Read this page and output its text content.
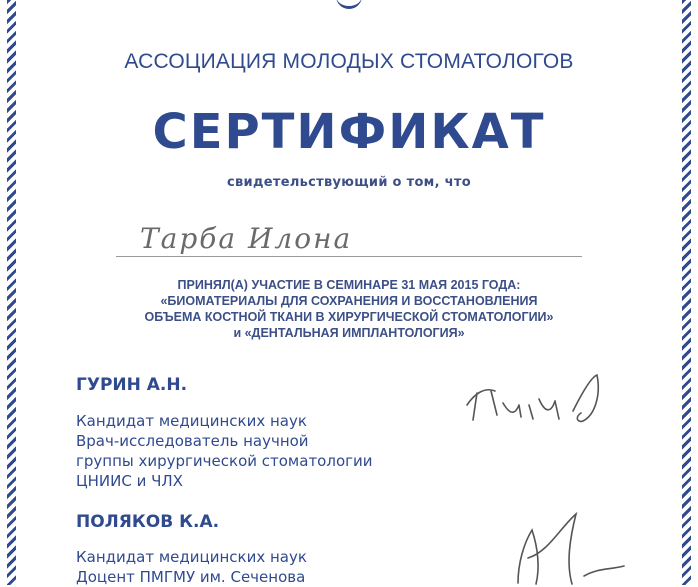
АССОЦИАЦИЯ МОЛОДЫХ СТОМАТОЛОГОВ
СЕРТИФИКАТ
свидетельствующий о том, что
Тарба Илона
ПРИНЯЛ(А) УЧАСТИЕ В СЕМИНАРЕ 31 МАЯ 2015 ГОДА:
«БИОМАТЕРИАЛЫ ДЛЯ СОХРАНЕНИЯ И ВОССТАНОВЛЕНИЯ
ОБЪЕМА КОСТНОЙ ТКАНИ В ХИРУРГИЧЕСКОЙ СТОМАТОЛОГИИ»
и «ДЕНТАЛЬНАЯ ИМПЛАНТОЛОГИЯ»
ГУРИН А.Н.
Кандидат медицинских наук
Врач-исследователь научной
группы хирургической стоматологии
ЦНИИС и ЧЛХ
ПОЛЯКОВ К.А.
Кандидат медицинских наук
Доцент ПМГМУ им. Сеченова
